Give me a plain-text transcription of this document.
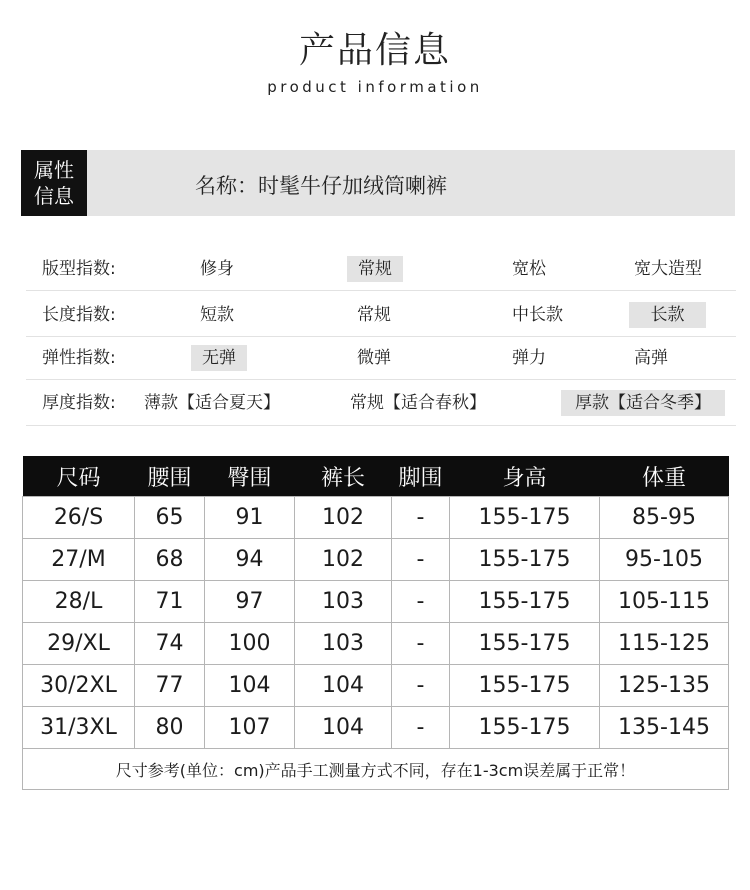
产品信息
product information
属性
信息	名称：时髦牛仔加绒筒喇裤
版型指数:	修身	常规	宽松	宽大造型
长度指数:	短款	常规	中长款	长款
弹性指数:	无弹	微弹	弹力	高弹
厚度指数: 薄款【适合夏天】	常规【适合春秋】	厚款【适合冬季】
尺码	腰围	臀围	裤长	脚围	身高	体重
26/S	65	91	102	-	155-175	85-95
27/M	68	94	102	-	155-175	95-105
28/L	71	97	103	-	155-175	105-115
29/XL	74	100	103	-	155-175	115-125
30/2XL	77	104	104	-	155-175	125-135
31/3XL	80	107	104	-	155-175	135-145
尺寸参考(单位：cm)产品手工测量方式不同，存在1-3cm误差属于正常！						
